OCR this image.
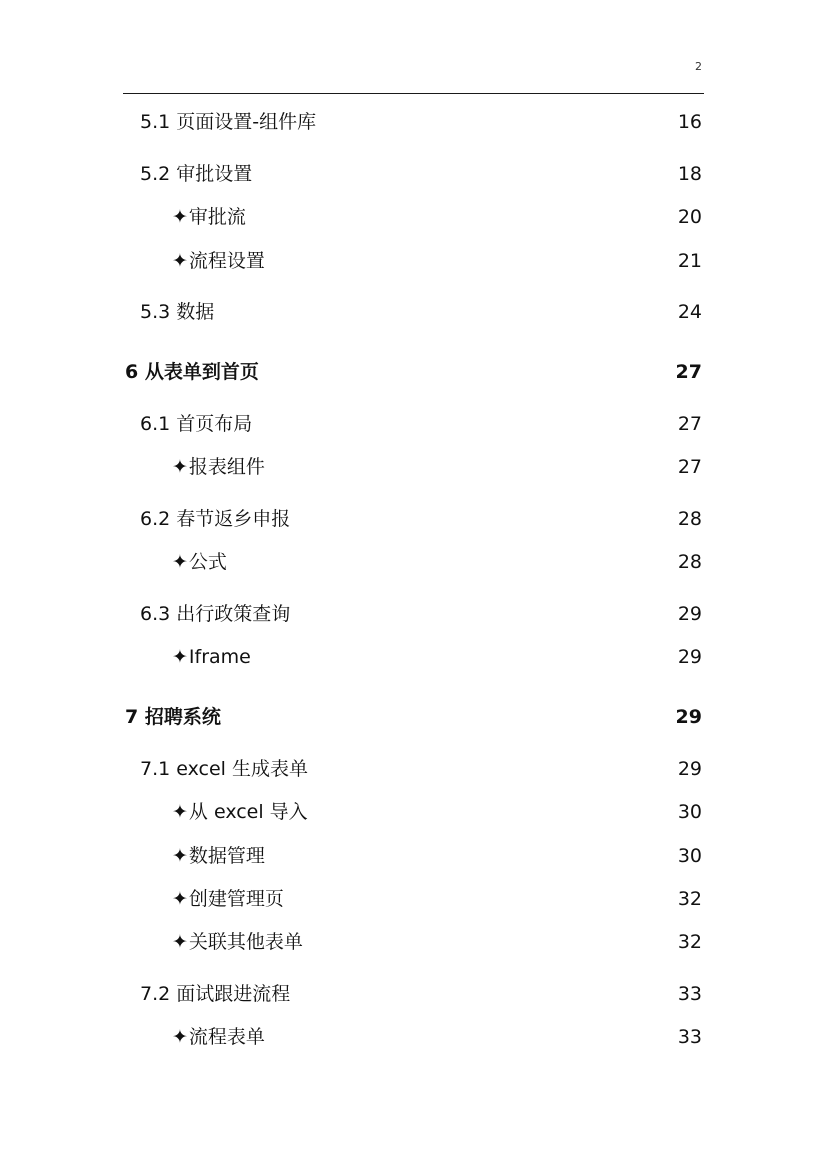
2
5.1 页面设置-组件库	16
5.2 审批设置	18
✦审批流	20
✦流程设置	21
5.3 数据	24
6 从表单到首页	27
6.1 首页布局	27
✦报表组件	27
6.2 春节返乡申报	28
✦公式	28
6.3 出行政策查询	29
✦Iframe	29
7 招聘系统	29
7.1 excel 生成表单	29
✦从 excel 导入	30
✦数据管理	30
✦创建管理页	32
✦关联其他表单	32
7.2 面试跟进流程	33
✦流程表单	33
